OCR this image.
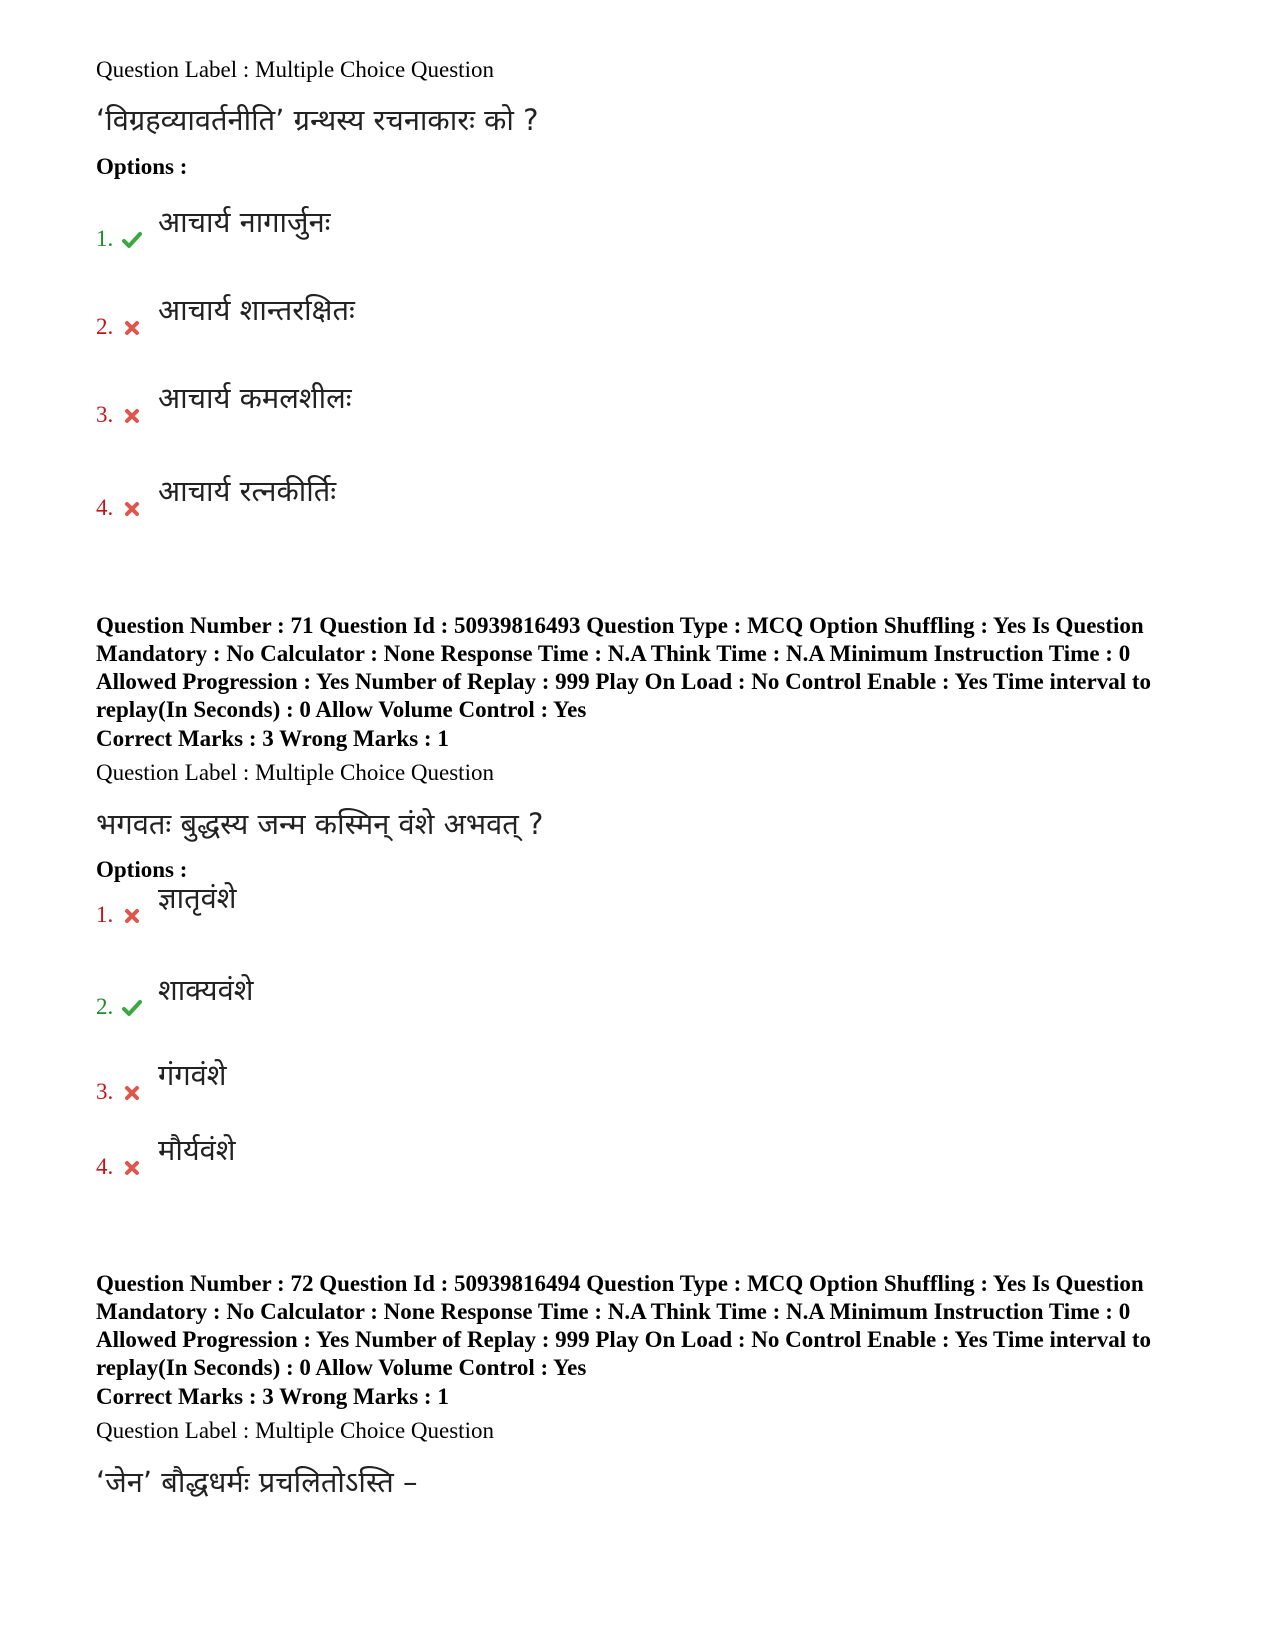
Question Label : Multiple Choice Question
‘विग्रहव्यावर्तनीति’ ग्रन्थस्य रचनाकारः को ?
Options :
1. आचार्य नागार्जुनः
2. आचार्य शान्तरक्षितः
3. आचार्य कमलशीलः
4. आचार्य रत्नकीर्तिः
Question Number : 71 Question Id : 50939816493 Question Type : MCQ Option Shuffling : Yes Is Question Mandatory : No Calculator : None Response Time : N.A Think Time : N.A Minimum Instruction Time : 0 Allowed Progression : Yes Number of Replay : 999 Play On Load : No Control Enable : Yes Time interval to replay(In Seconds) : 0 Allow Volume Control : Yes
Correct Marks : 3 Wrong Marks : 1
Question Label : Multiple Choice Question
भगवतः बुद्धस्य जन्म कस्मिन् वंशे अभवत् ?
Options :
1. ज्ञातृवंशे
2. शाक्यवंशे
3. गंगवंशे
4. मौर्यवंशे
Question Number : 72 Question Id : 50939816494 Question Type : MCQ Option Shuffling : Yes Is Question Mandatory : No Calculator : None Response Time : N.A Think Time : N.A Minimum Instruction Time : 0 Allowed Progression : Yes Number of Replay : 999 Play On Load : No Control Enable : Yes Time interval to replay(In Seconds) : 0 Allow Volume Control : Yes
Correct Marks : 3 Wrong Marks : 1
Question Label : Multiple Choice Question
‘जेन’ बौद्धधर्मः प्रचलितोऽस्ति –
